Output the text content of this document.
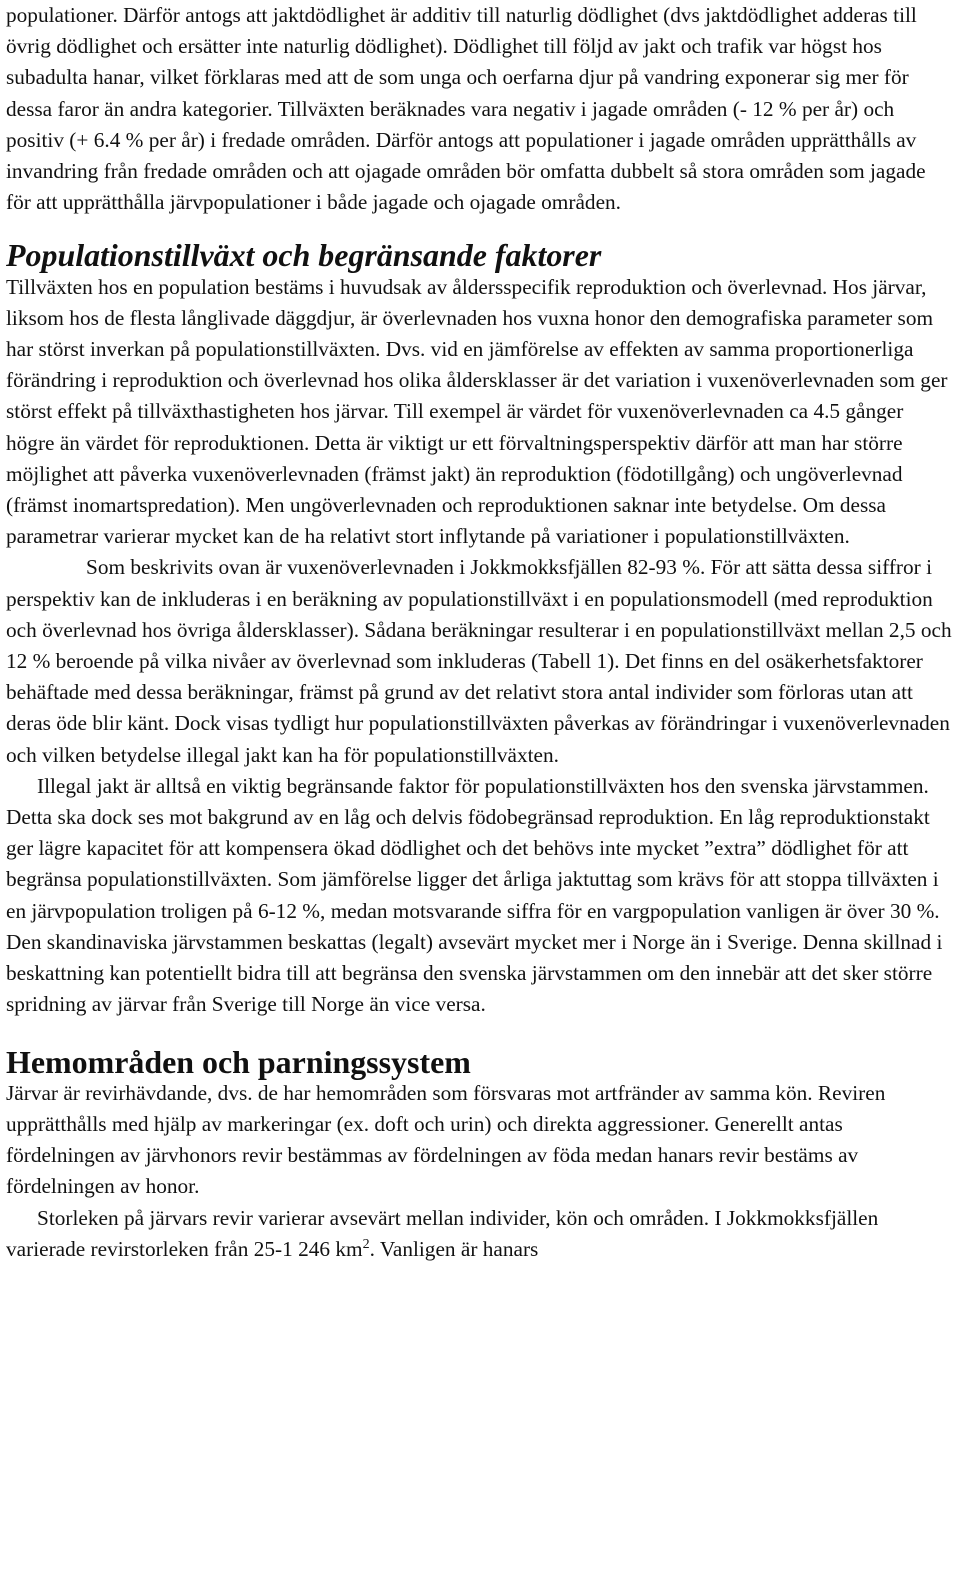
populationer. Därför antogs att jaktdödlighet är additiv till naturlig dödlighet (dvs jaktdödlighet adderas till övrig dödlighet och ersätter inte naturlig dödlighet). Dödlighet till följd av jakt och trafik var högst hos subadulta hanar, vilket förklaras med att de som unga och oerfarna djur på vandring exponerar sig mer för dessa faror än andra kategorier. Tillväxten beräknades vara negativ i jagade områden (- 12 % per år) och positiv (+ 6.4 % per år) i fredade områden. Därför antogs att populationer i jagade områden upprätthålls av invandring från fredade områden och att ojagade områden bör omfatta dubbelt så stora områden som jagade för att upprätthålla järvpopulationer i både jagade och ojagade områden.

Populationstillväxt och begränsande faktorer

Tillväxten hos en population bestäms i huvudsak av åldersspecifik reproduktion och överlevnad. Hos järvar, liksom hos de flesta långlivade däggdjur, är överlevnaden hos vuxna honor den demografiska parameter som har störst inverkan på populationstillväxten. Dvs. vid en jämförelse av effekten av samma proportionerliga förändring i reproduktion och överlevnad hos olika åldersklasser är det variation i vuxenöverlevnaden som ger störst effekt på tillväxthastigheten hos järvar. Till exempel är värdet för vuxenöverlevnaden ca 4.5 gånger högre än värdet för reproduktionen. Detta är viktigt ur ett förvaltningsperspektiv därför att man har större möjlighet att påverka vuxenöverlevnaden (främst jakt) än reproduktion (födotillgång) och ungöverlevnad (främst inomartspredation). Men ungöverlevnaden och reproduktionen saknar inte betydelse. Om dessa parametrar varierar mycket kan de ha relativt stort inflytande på variationer i populationstillväxten.

Som beskrivits ovan är vuxenöverlevnaden i Jokkmokksfjällen 82-93 %. För att sätta dessa siffror i perspektiv kan de inkluderas i en beräkning av populationstillväxt i en populationsmodell (med reproduktion och överlevnad hos övriga åldersklasser). Sådana beräkningar resulterar i en populationstillväxt mellan 2,5 och 12 % beroende på vilka nivåer av överlevnad som inkluderas (Tabell 1). Det finns en del osäkerhetsfaktorer behäftade med dessa beräkningar, främst på grund av det relativt stora antal individer som förloras utan att deras öde blir känt. Dock visas tydligt hur populationstillväxten påverkas av förändringar i vuxenöverlevnaden och vilken betydelse illegal jakt kan ha för populationstillväxten.

Illegal jakt är alltså en viktig begränsande faktor för populationstillväxten hos den svenska järvstammen. Detta ska dock ses mot bakgrund av en låg och delvis födobegränsad reproduktion. En låg reproduktionstakt ger lägre kapacitet för att kompensera ökad dödlighet och det behövs inte mycket ”extra” dödlighet för att begränsa populationstillväxten. Som jämförelse ligger det årliga jaktuttag som krävs för att stoppa tillväxten i en järvpopulation troligen på 6-12 %, medan motsvarande siffra för en vargpopulation vanligen är över 30 %. Den skandinaviska järvstammen beskattas (legalt) avsevärt mycket mer i Norge än i Sverige. Denna skillnad i beskattning kan potentiellt bidra till att begränsa den svenska järvstammen om den innebär att det sker större spridning av järvar från Sverige till Norge än vice versa.

Hemområden och parningssystem

Järvar är revirhävdande, dvs. de har hemområden som försvaras mot artfränder av samma kön. Reviren upprätthålls med hjälp av markeringar (ex. doft och urin) och direkta aggressioner. Generellt antas fördelningen av järvhonors revir bestämmas av fördelningen av föda medan hanars revir bestäms av fördelningen av honor.

Storleken på järvars revir varierar avsevärt mellan individer, kön och områden. I Jokkmokksfjällen varierade revirstorleken från 25-1 246 $km^2$. Vanligen är hanars
